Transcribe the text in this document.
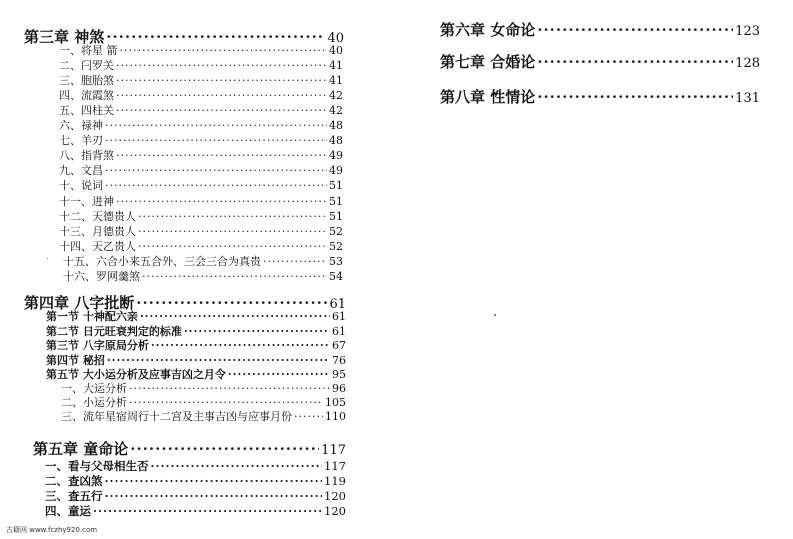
第三章 神煞 ·····	40
一、将星 箭 ·····	40
二、闩罗关 ·····	41
三、胞胎煞 ·····	41
四、流霞煞 ·····	42
五、四柱关 ·····	42
六、禄神 ·····	48
七、羊刃 ·····	48
八、指背煞 ·····	49
九、文昌 ·····	49
十、说词 ·····	51
十一、进神 ·····	51
十二、天德贵人 ·····	51
十三、月德贵人 ·····	52
十四、天乙贵人 ·····	52
十五、六合小来五合外、三会三合为真贵 ·····	53
十六、罗网羹煞 ·····	54
第四章 八字批断 ·····	61
第一节 十神配六亲 ·····	61
第二节 日元旺衰判定的标准 ·····	61
第三节 八字原局分析 ·····	67
第四节 秘招 ·····	76
第五节 大小运分析及应事吉凶之月令 ·····	95
一、大运分析 ·····	96
二、小运分析 ·····	105
三、流年星宿周行十二宫及主事吉凶与应事月份 ·····	110
第五章 童命论 ·····	117
一、看与父母相生否 ·····	117
二、查凶煞 ·····	119
三、查五行 ·····	120
四、童运 ·····	120
第六章 女命论 ·····	123
第七章 合婚论 ·····	128
第八章 性情论 ·····	131
古籍网 www.fczhy920.com
